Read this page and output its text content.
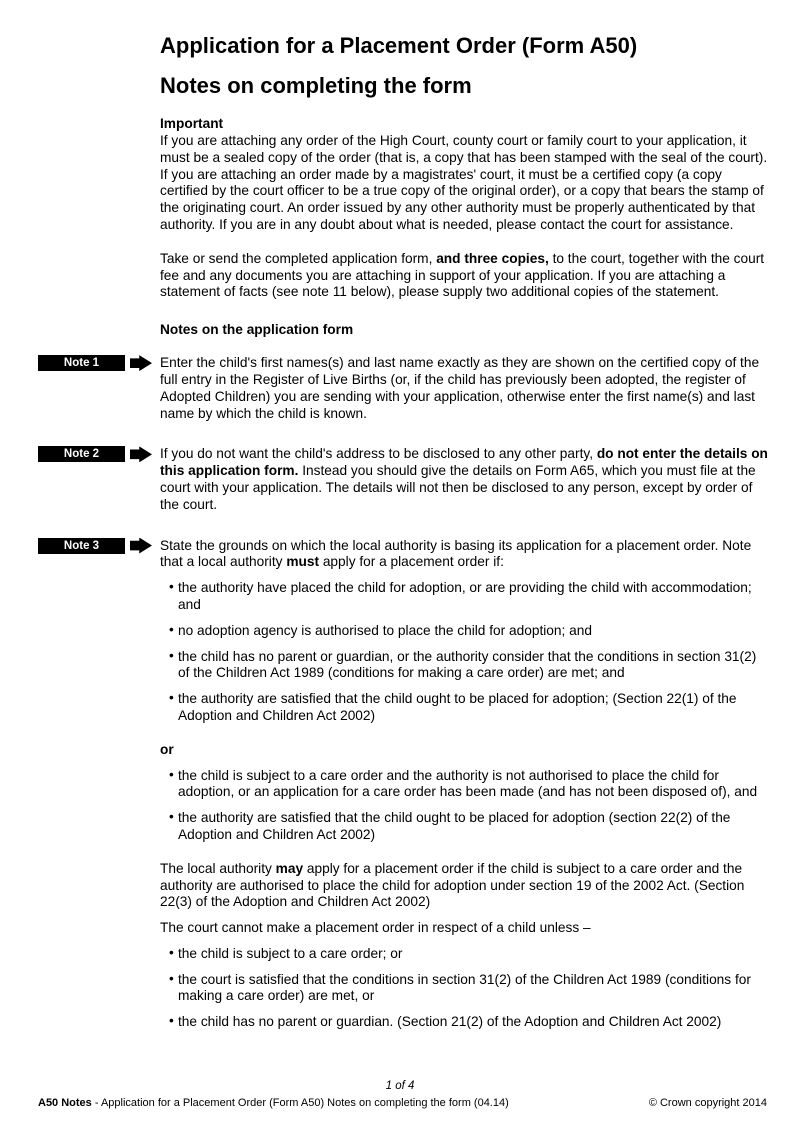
Application for a Placement Order (Form A50)
Notes on completing the form
Important

If you are attaching any order of the High Court, county court or family court to your application, it must be a sealed copy of the order (that is, a copy that has been stamped with the seal of the court). If you are attaching an order made by a magistrates' court, it must be a certified copy (a copy certified by the court officer to be a true copy of the original order), or a copy that bears the stamp of the originating court. An order issued by any other authority must be properly authenticated by that authority. If you are in any doubt about what is needed, please contact the court for assistance.

Take or send the completed application form, and three copies, to the court, together with the court fee and any documents you are attaching in support of your application. If you are attaching a statement of facts (see note 11 below), please supply two additional copies of the statement.

Notes on the application form
Note 1	Enter the child's first names(s) and last name exactly as they are shown on the certified copy of the full entry in the Register of Live Births (or, if the child has previously been adopted, the register of Adopted Children) you are sending with your application, otherwise enter the first name(s) and last name by which the child is known.

Note 2	If you do not want the child's address to be disclosed to any other party, do not enter the details on this application form. Instead you should give the details on Form A65, which you must file at the court with your application. The details will not then be disclosed to any person, except by order of the court.

Note 3	State the grounds on which the local authority is basing its application for a placement order. Note that a local authority must apply for a placement order if:

• the authority have placed the child for adoption, or are providing the child with accommodation; and
• no adoption agency is authorised to place the child for adoption; and
• the child has no parent or guardian, or the authority consider that the conditions in section 31(2) of the Children Act 1989 (conditions for making a care order) are met; and
• the authority are satisfied that the child ought to be placed for adoption; (Section 22(1) of the Adoption and Children Act 2002)

or

• the child is subject to a care order and the authority is not authorised to place the child for adoption, or an application for a care order has been made (and has not been disposed of), and
• the authority are satisfied that the child ought to be placed for adoption (section 22(2) of the Adoption and Children Act 2002)

The local authority may apply for a placement order if the child is subject to a care order and the authority are authorised to place the child for adoption under section 19 of the 2002 Act. (Section 22(3) of the Adoption and Children Act 2002)

The court cannot make a placement order in respect of a child unless –

• the child is subject to a care order; or
• the court is satisfied that the conditions in section 31(2) of the Children Act 1989 (conditions for making a care order) are met, or
• the child has no parent or guardian. (Section 21(2) of the Adoption and Children Act 2002)
1 of 4
A50 Notes - Application for a Placement Order (Form A50) Notes on completing the form (04.14)	© Crown copyright 2014
